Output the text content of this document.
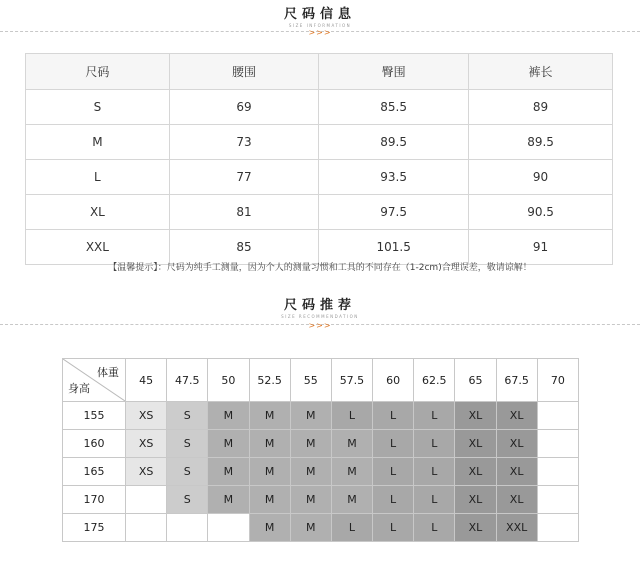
尺码信息
SIZE INFORMATION
>>>
尺码	腰围	臀围	裤长
S	69	85.5	89
M	73	89.5	89.5
L	77	93.5	90
XL	81	97.5	90.5
XXL	85	101.5	91
【温馨提示】：尺码为纯手工测量，因为个人的测量习惯和工具的不同存在（1-2cm)合理误差，敬请谅解！
尺码推荐
SIZE RECOMMENDATION
>>>
体重
身高	45	47.5	50	52.5	55	57.5	60	62.5	65	67.5	70
155	XS	S	M	M	M	L	L	L	XL	XL	
160	XS	S	M	M	M	M	L	L	XL	XL	
165	XS	S	M	M	M	M	L	L	XL	XL	
170		S	M	M	M	M	L	L	XL	XL	
175				M	M	L	L	L	XL	XXL	
